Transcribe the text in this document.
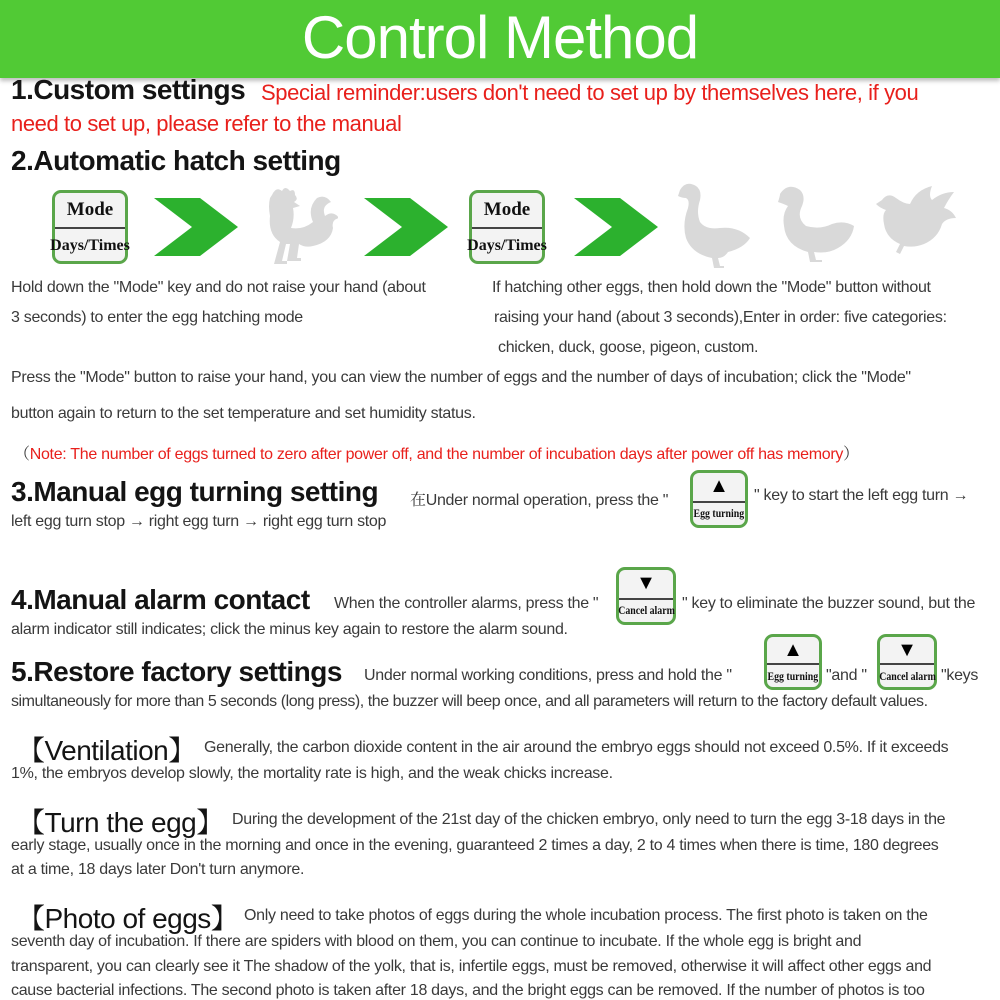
Control Method
1.Custom settings Special reminder:users don't need to set up by themselves here, if you
need to set up, please refer to the manual
2.Automatic hatch setting
Mode
Days/Times
Mode
Days/Times
Hold down the "Mode" key and do not raise your hand (about
3 seconds) to enter the egg hatching mode
If hatching other eggs, then hold down the "Mode" button without
raising your hand (about 3 seconds),Enter in order: five categories:
chicken, duck, goose, pigeon, custom.
Press the "Mode" button to raise your hand, you can view the number of eggs and the number of days of incubation; click the "Mode"
button again to return to the set temperature and set humidity status.
（Note: The number of eggs turned to zero after power off, and the number of incubation days after power off has memory）
3.Manual egg turning setting 在Under normal operation, press the "
▲
Egg turning
" key to start the left egg turn →
left egg turn stop → right egg turn → right egg turn stop
4.Manual alarm contact When the controller alarms, press the "
▼
Cancel alarm " key to eliminate the buzzer sound, but the
alarm indicator still indicates; click the minus key again to restore the alarm sound.
5.Restore factory settings Under normal working conditions, press and hold the "
▲
Egg turning "and "
▼
Cancel alarm "keys
simultaneously for more than 5 seconds (long press), the buzzer will beep once, and all parameters will return to the factory default values.
【Ventilation】 Generally, the carbon dioxide content in the air around the embryo eggs should not exceed 0.5%. If it exceeds
1%, the embryos develop slowly, the mortality rate is high, and the weak chicks increase.
【Turn the egg】 During the development of the 21st day of the chicken embryo, only need to turn the egg 3-18 days in the
early stage, usually once in the morning and once in the evening, guaranteed 2 times a day, 2 to 4 times when there is time, 180 degrees
at a time, 18 days later Don't turn anymore.
【Photo of eggs】 Only need to take photos of eggs during the whole incubation process. The first photo is taken on the
seventh day of incubation. If there are spiders with blood on them, you can continue to incubate. If the whole egg is bright and
transparent, you can clearly see it The shadow of the yolk, that is, infertile eggs, must be removed, otherwise it will affect other eggs and
cause bacterial infections. The second photo is taken after 18 days, and the bright eggs can be removed. If the number of photos is too
